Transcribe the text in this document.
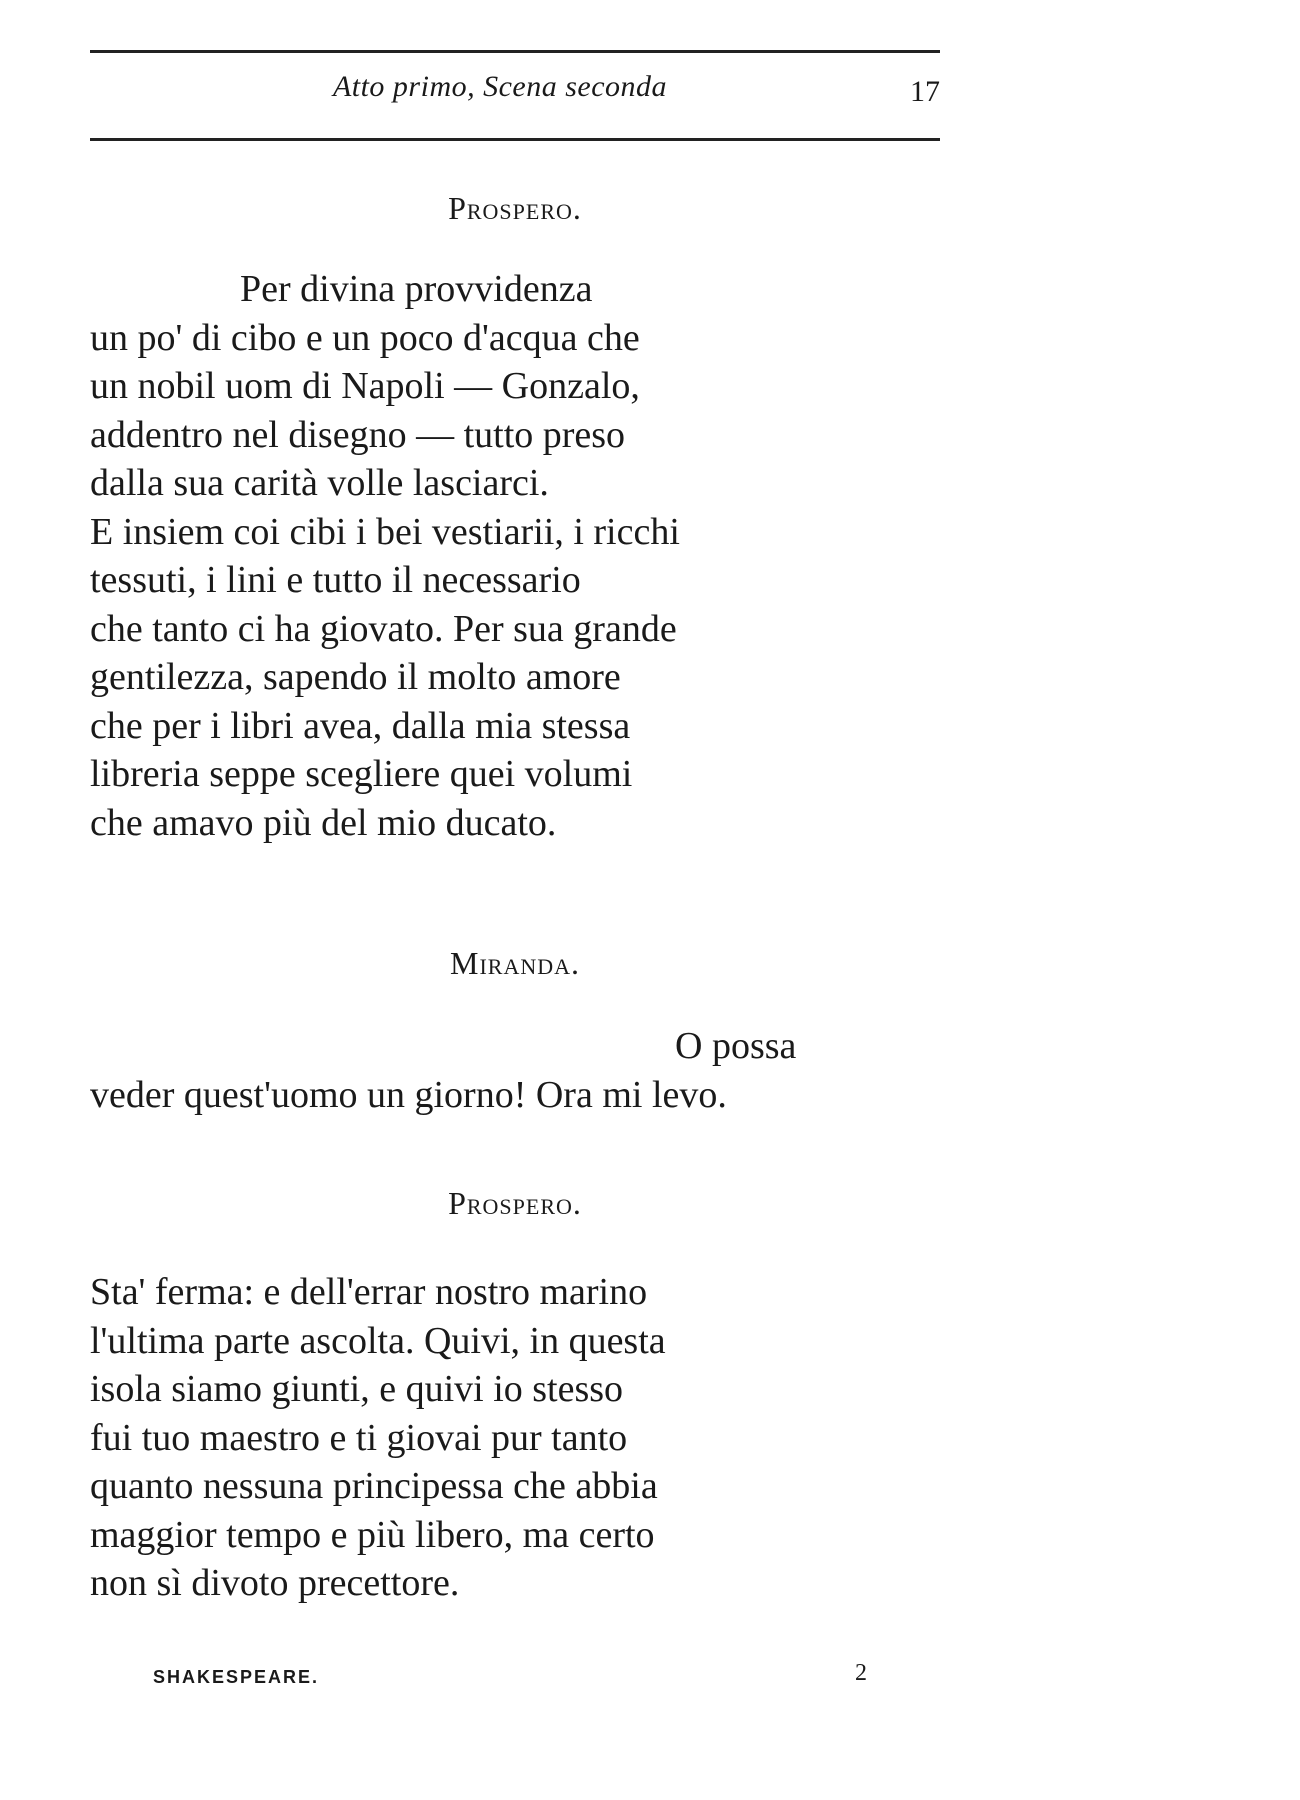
Atto primo, Scena seconda	17
Prospero.
Per divina provvidenza
un po' di cibo e un poco d'acqua che
un nobil uom di Napoli — Gonzalo,
addentro nel disegno — tutto preso
dalla sua carità volle lasciarci.
E insiem coi cibi i bei vestiarii, i ricchi
tessuti, i lini e tutto il necessario
che tanto ci ha giovato. Per sua grande
gentilezza, sapendo il molto amore
che per i libri avea, dalla mia stessa
libreria seppe scegliere quei volumi
che amavo più del mio ducato.
Miranda.
O possa
veder quest'uomo un giorno! Ora mi levo.
Prospero.
Sta' ferma: e dell'errar nostro marino
l'ultima parte ascolta. Quivi, in questa
isola siamo giunti, e quivi io stesso
fui tuo maestro e ti giovai pur tanto
quanto nessuna principessa che abbia
maggior tempo e più libero, ma certo
non sì divoto precettore.
SHAKESPEARE.	2
